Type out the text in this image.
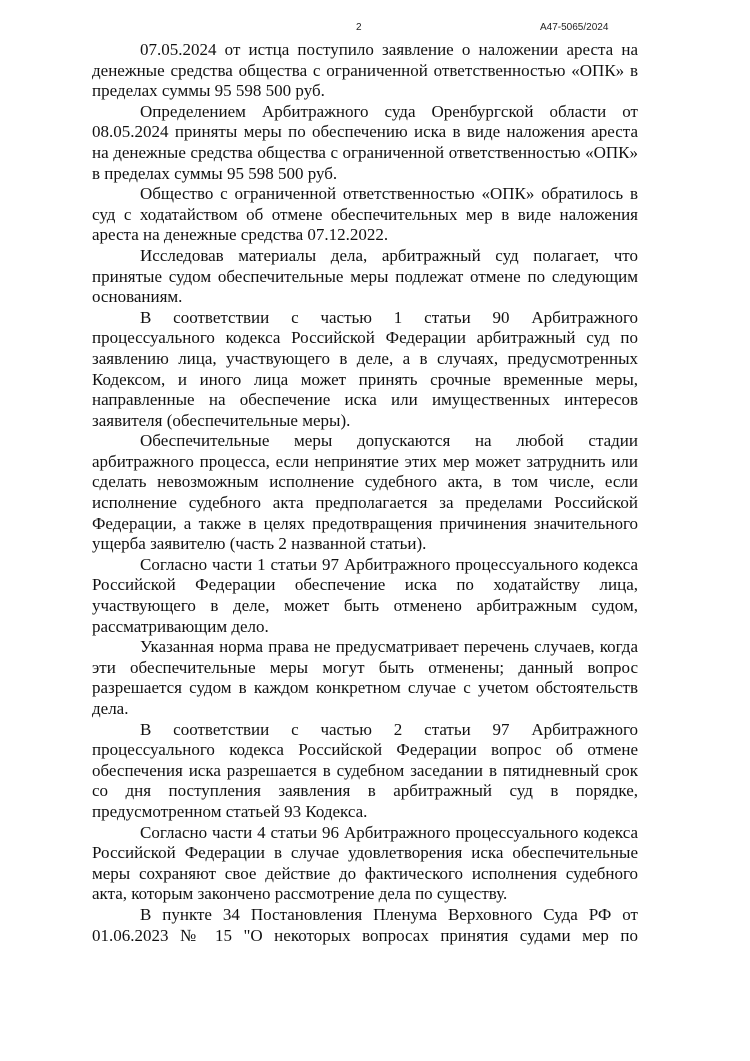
2	А47-5065/2024

07.05.2024 от истца поступило заявление о наложении ареста на денежные средства общества с ограниченной ответственностью «ОПК» в пределах суммы 95 598 500 руб.

Определением Арбитражного суда Оренбургской области от 08.05.2024 приняты меры по обеспечению иска в виде наложения ареста на денежные средства общества с ограниченной ответственностью «ОПК» в пределах суммы 95 598 500 руб.

Общество с ограниченной ответственностью «ОПК» обратилось в суд с ходатайством об отмене обеспечительных мер в виде наложения ареста на денежные средства 07.12.2022.

Исследовав материалы дела, арбитражный суд полагает, что принятые судом обеспечительные меры подлежат отмене по следующим основаниям.

В соответствии с частью 1 статьи 90 Арбитражного процессуального кодекса Российской Федерации арбитражный суд по заявлению лица, участвующего в деле, а в случаях, предусмотренных Кодексом, и иного лица может принять срочные временные меры, направленные на обеспечение иска или имущественных интересов заявителя (обеспечительные меры).

Обеспечительные меры допускаются на любой стадии арбитражного процесса, если непринятие этих мер может затруднить или сделать невозможным исполнение судебного акта, в том числе, если исполнение судебного акта предполагается за пределами Российской Федерации, а также в целях предотвращения причинения значительного ущерба заявителю (часть 2 названной статьи).

Согласно части 1 статьи 97 Арбитражного процессуального кодекса Российской Федерации обеспечение иска по ходатайству лица, участвующего в деле, может быть отменено арбитражным судом, рассматривающим дело.

Указанная норма права не предусматривает перечень случаев, когда эти обеспечительные меры могут быть отменены; данный вопрос разрешается судом в каждом конкретном случае с учетом обстоятельств дела.

В соответствии с частью 2 статьи 97 Арбитражного процессуального кодекса Российской Федерации вопрос об отмене обеспечения иска разрешается в судебном заседании в пятидневный срок со дня поступления заявления в арбитражный суд в порядке, предусмотренном статьей 93 Кодекса.

Согласно части 4 статьи 96 Арбитражного процессуального кодекса Российской Федерации в случае удовлетворения иска обеспечительные меры сохраняют свое действие до фактического исполнения судебного акта, которым закончено рассмотрение дела по существу.

В пункте 34 Постановления Пленума Верховного Суда РФ от 01.06.2023 № 15 "О некоторых вопросах принятия судами мер по
